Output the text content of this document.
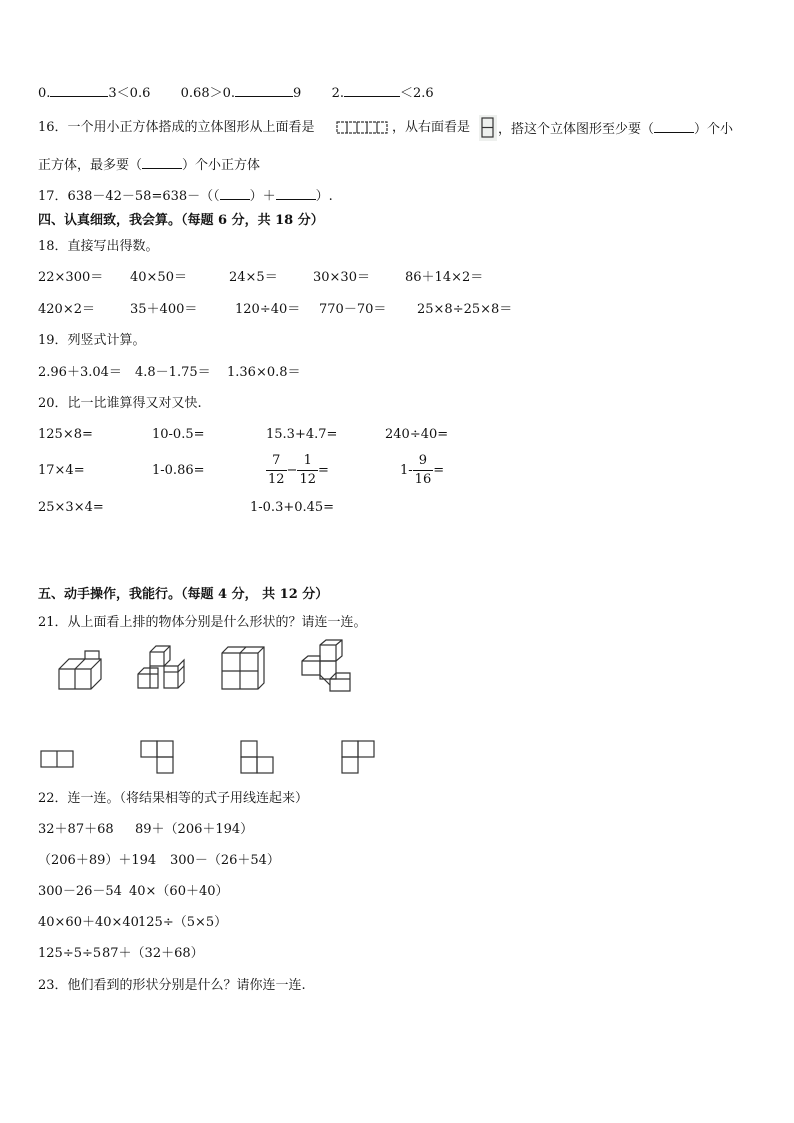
0.	3＜0.6 0.68＞0.	9 2.	＜2.6
16．一个用小正方体搭成的立体图形从上面看是	，从右面看是 ，搭这个立体图形至少要（	）个小
正方体，最多要（	）个小正方体
17．638－42－58=638－（（ ）＋	）.
四、认真细致，我会算。（每题 6 分，共 18 分）
18．直接写出得数。
22×300＝ 40×50＝	24×5＝	30×30＝	86＋14×2＝
420×2＝	35＋400＝	120÷40＝ 770－70＝ 25×8÷25×8＝
19．列竖式计算。
2.96＋3.04＝ 4.8－1.75＝ 1.36×0.8＝
20．比一比谁算得又对又快.
125×8=	10-0.5=	15.3+4.7=	240÷40=
17×4=	1-0.86=	$\frac{7}{12} - \frac{1}{12}$ =	$1- \frac{9}{16}$ =
25×3×4=	1-0.3+0.45=
五、动手操作，我能行。（每题 4 分， 共 12 分）
21．从上面看上排的物体分别是什么形状的？请连一连。
22．连一连。（将结果相等的式子用线连起来）
32＋87＋68 89＋（206＋194）
（206＋89）＋194 300－（26＋54）
300－26－54 40×（60＋40）
40×60＋40×40 125÷（5×5）
125÷5÷5 87＋（32＋68）
23．他们看到的形状分别是什么？请你连一连.
